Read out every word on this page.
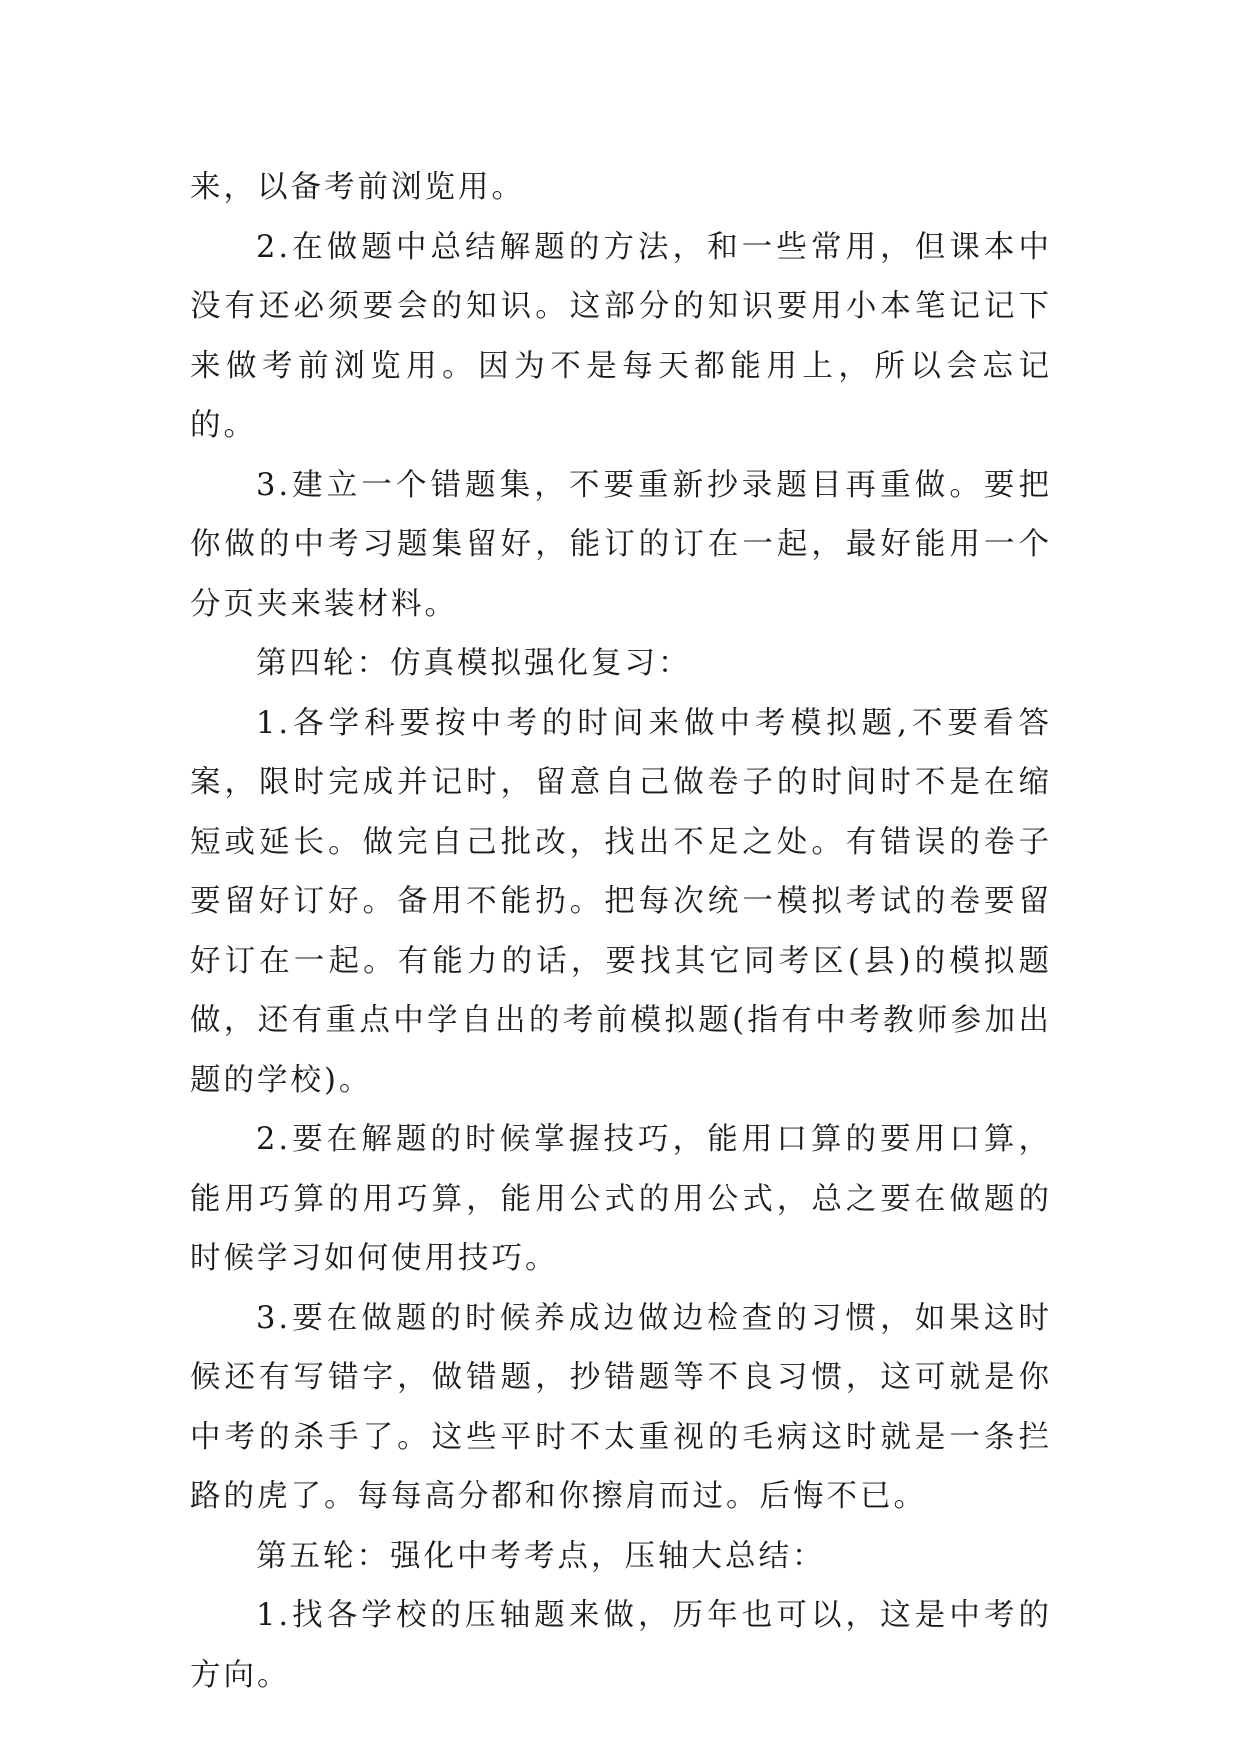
来，以备考前浏览用。

2.在做题中总结解题的方法，和一些常用，但课本中没有还必须要会的知识。这部分的知识要用小本笔记记下来做考前浏览用。因为不是每天都能用上，所以会忘记的。

3.建立一个错题集，不要重新抄录题目再重做。要把你做的中考习题集留好，能订的订在一起，最好能用一个分页夹来装材料。

第四轮：仿真模拟强化复习：

1.各学科要按中考的时间来做中考模拟题,不要看答案，限时完成并记时，留意自己做卷子的时间时不是在缩短或延长。做完自己批改，找出不足之处。有错误的卷子要留好订好。备用不能扔。把每次统一模拟考试的卷要留好订在一起。有能力的话，要找其它同考区(县)的模拟题做，还有重点中学自出的考前模拟题(指有中考教师参加出题的学校)。

2.要在解题的时候掌握技巧，能用口算的要用口算，能用巧算的用巧算，能用公式的用公式，总之要在做题的时候学习如何使用技巧。

3.要在做题的时候养成边做边检查的习惯，如果这时候还有写错字，做错题，抄错题等不良习惯，这可就是你中考的杀手了。这些平时不太重视的毛病这时就是一条拦路的虎了。每每高分都和你擦肩而过。后悔不已。

第五轮：强化中考考点，压轴大总结：

1.找各学校的压轴题来做，历年也可以，这是中考的方向。
